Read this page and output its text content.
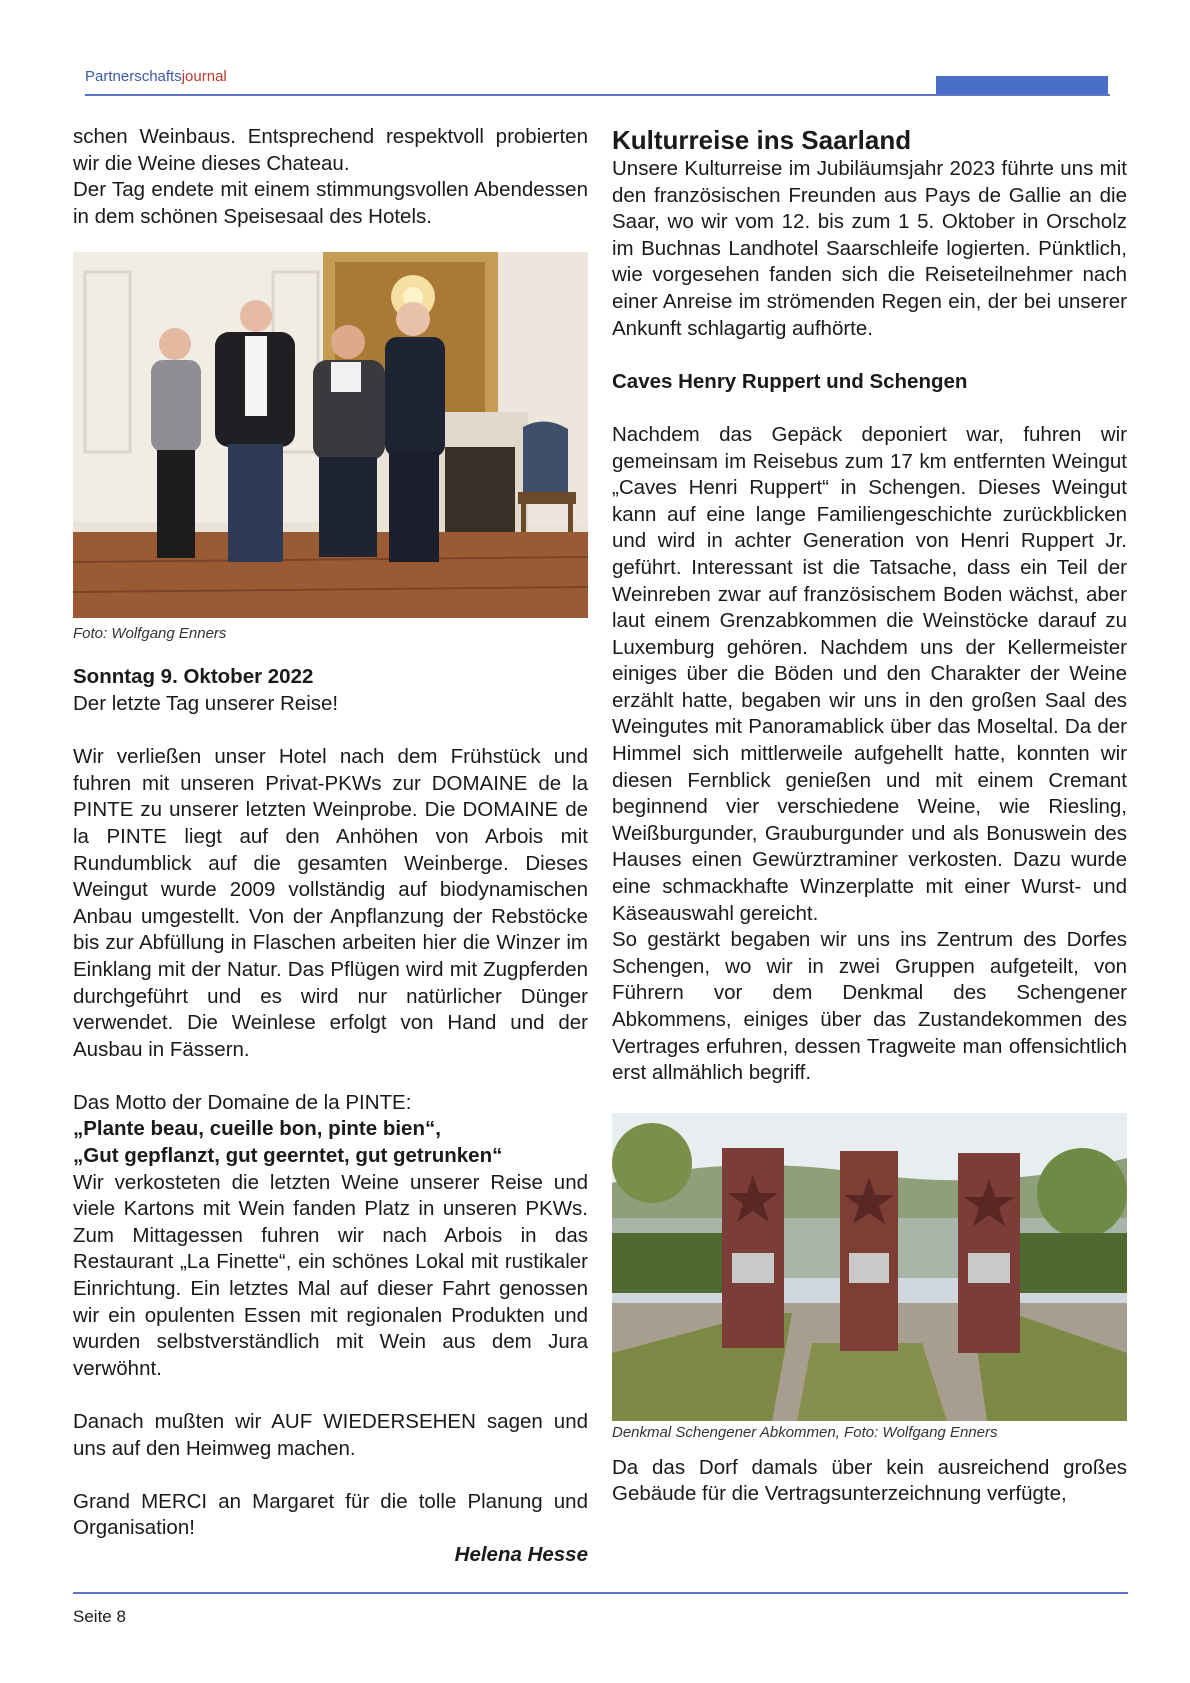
Partnerschaftsjournal

schen Weinbaus. Entsprechend respektvoll probierten wir die Weine dieses Chateau.

Der Tag endete mit einem stimmungsvollen Abendessen in dem schönen Speisesaal des Hotels.

Foto: Wolfgang Enners

Sonntag 9. Oktober 2022

Der letzte Tag unserer Reise!

Wir verließen unser Hotel nach dem Frühstück und fuhren mit unseren Privat-PKWs zur DOMAINE de la PINTE zu unserer letzten Weinprobe. Die DOMAINE de la PINTE liegt auf den Anhöhen von Arbois mit Rundumblick auf die gesamten Weinberge. Dieses Weingut wurde 2009 vollständig auf biodynamischen Anbau umgestellt. Von der Anpflanzung der Rebstöcke bis zur Abfüllung in Flaschen arbeiten hier die Winzer im Einklang mit der Natur. Das Pflügen wird mit Zugpferden durchgeführt und es wird nur natürlicher Dünger verwendet. Die Weinlese erfolgt von Hand und der Ausbau in Fässern.

Das Motto der Domaine de la PINTE:

„Plante beau, cueille bon, pinte bien“,

„Gut gepflanzt, gut geerntet, gut getrunken“

Wir verkosteten die letzten Weine unserer Reise und viele Kartons mit Wein fanden Platz in unseren PKWs. Zum Mittagessen fuhren wir nach Arbois in das Restaurant „La Finette“, ein schönes Lokal mit rustikaler Einrichtung. Ein letztes Mal auf dieser Fahrt genossen wir ein opulenten Essen mit regionalen Produkten und wurden selbstverständlich mit Wein aus dem Jura verwöhnt.

Danach mußten wir AUF WIEDERSEHEN sagen und uns auf den Heimweg machen.

Grand MERCI an Margaret für die tolle Planung und Organisation!

Helena Hesse

Kulturreise ins Saarland

Unsere Kulturreise im Jubiläumsjahr 2023 führte uns mit den französischen Freunden aus Pays de Gallie an die Saar, wo wir vom 12. bis zum 1 5. Oktober in Orscholz im Buchnas Landhotel Saarschleife logierten. Pünktlich, wie vorgesehen fanden sich die Reiseteilnehmer nach einer Anreise im strömenden Regen ein, der bei unserer Ankunft schlagartig aufhörte.

Caves Henry Ruppert und Schengen

Nachdem das Gepäck deponiert war, fuhren wir gemeinsam im Reisebus zum 17 km entfernten Weingut „Caves Henri Ruppert“ in Schengen. Dieses Weingut kann auf eine lange Familiengeschichte zurückblicken und wird in achter Generation von Henri Ruppert Jr. geführt. Interessant ist die Tatsache, dass ein Teil der Weinreben zwar auf französischem Boden wächst, aber laut einem Grenzabkommen die Weinstöcke darauf zu Luxemburg gehören. Nachdem uns der Kellermeister einiges über die Böden und den Charakter der Weine erzählt hatte, begaben wir uns in den großen Saal des Weingutes mit Panoramablick über das Moseltal. Da der Himmel sich mittlerweile aufgehellt hatte, konnten wir diesen Fernblick genießen und mit einem Cremant beginnend vier verschiedene Weine, wie Riesling, Weißburgunder, Grauburgunder und als Bonuswein des Hauses einen Gewürztraminer verkosten. Dazu wurde eine schmackhafte Winzerplatte mit einer Wurst- und Käseauswahl gereicht.

So gestärkt begaben wir uns ins Zentrum des Dorfes Schengen, wo wir in zwei Gruppen aufgeteilt, von Führern vor dem Denkmal des Schengener Abkommens, einiges über das Zustandekommen des Vertrages erfuhren, dessen Tragweite man offensichtlich erst allmählich begriff.

Denkmal Schengener Abkommen, Foto: Wolfgang Enners

Da das Dorf damals über kein ausreichend großes Gebäude für die Vertragsunterzeichnung verfügte,

Seite 8
